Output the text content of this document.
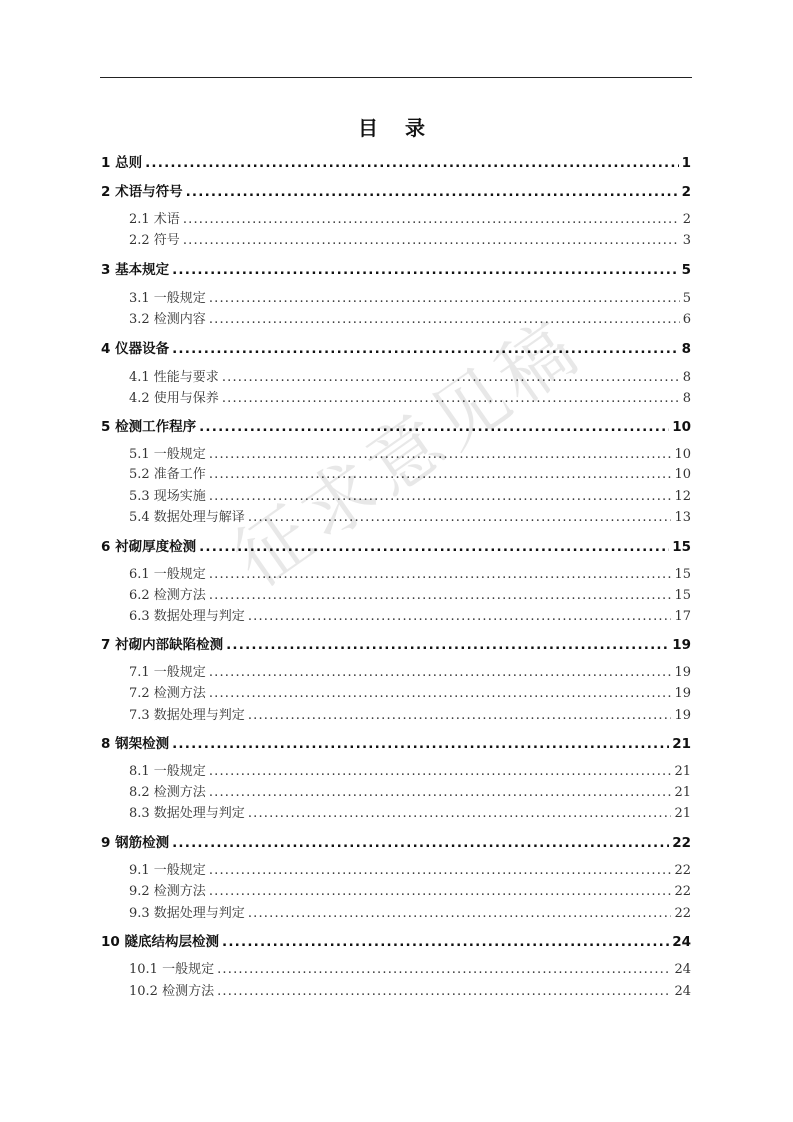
目 录
1 总则 .....	1
2 术语与符号 .....	2
2.1 术语 .....	2
2.2 符号 .....	3
3 基本规定 .....	5
3.1 一般规定 .....	5
3.2 检测内容 .....	6
4 仪器设备 .....	8
4.1 性能与要求 .....	8
4.2 使用与保养 .....	8
5 检测工作程序 .....	10
5.1 一般规定 .....	10
5.2 准备工作 .....	10
5.3 现场实施 .....	12
5.4 数据处理与解译 .....	13
6 衬砌厚度检测 .....	15
6.1 一般规定 .....	15
6.2 检测方法 .....	15
6.3 数据处理与判定 .....	17
7 衬砌内部缺陷检测 .....	19
7.1 一般规定 .....	19
7.2 检测方法 .....	19
7.3 数据处理与判定 .....	19
8 钢架检测 .....	21
8.1 一般规定 .....	21
8.2 检测方法 .....	21
8.3 数据处理与判定 .....	21
9 钢筋检测 .....	22
9.1 一般规定 .....	22
9.2 检测方法 .....	22
9.3 数据处理与判定 .....	22
10 隧底结构层检测 .....	24
10.1 一般规定 .....	24
10.2 检测方法 .....	24
征求意见稿
